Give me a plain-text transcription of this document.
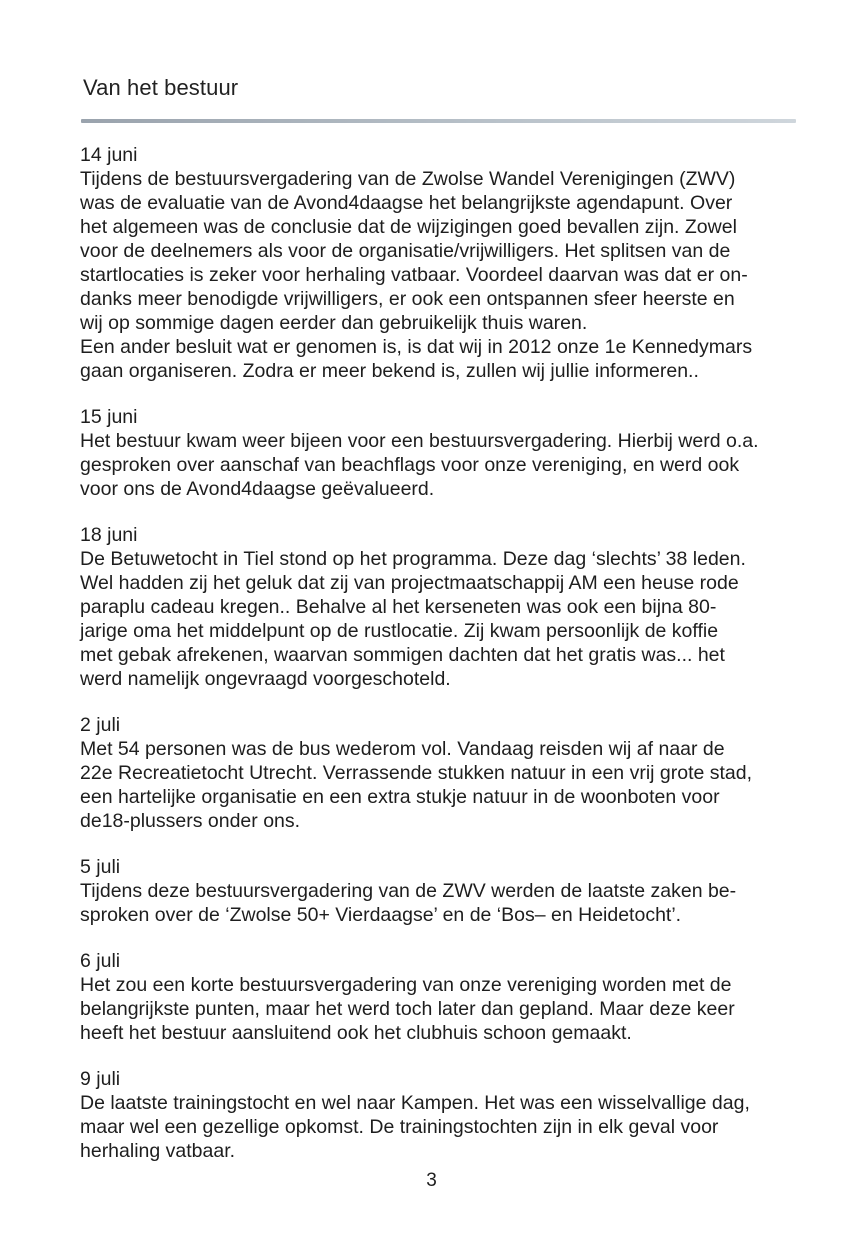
Van het bestuur

14 juni

Tijdens de bestuursvergadering van de Zwolse Wandel Verenigingen (ZWV)
was de evaluatie van de Avond4daagse het belangrijkste agendapunt. Over
het algemeen was de conclusie dat de wijzigingen goed bevallen zijn. Zowel
voor de deelnemers als voor de organisatie/vrijwilligers. Het splitsen van de
startlocaties is zeker voor herhaling vatbaar. Voordeel daarvan was dat er on-
danks meer benodigde vrijwilligers, er ook een ontspannen sfeer heerste en
wij op sommige dagen eerder dan gebruikelijk thuis waren.
Een ander besluit wat er genomen is, is dat wij in 2012 onze 1e Kennedymars
gaan organiseren. Zodra er meer bekend is, zullen wij jullie informeren..

15 juni

Het bestuur kwam weer bijeen voor een bestuursvergadering. Hierbij werd o.a.
gesproken over aanschaf van beachflags voor onze vereniging, en werd ook
voor ons de Avond4daagse geëvalueerd.

18 juni

De Betuwetocht in Tiel stond op het programma. Deze dag ‘slechts’ 38 leden.
Wel hadden zij het geluk dat zij van projectmaatschappij AM een heuse rode
paraplu cadeau kregen.. Behalve al het kerseneten was ook een bijna 80-
jarige oma het middelpunt op de rustlocatie. Zij kwam persoonlijk de koffie
met gebak afrekenen, waarvan sommigen dachten dat het gratis was... het
werd namelijk ongevraagd voorgeschoteld.

2 juli

Met 54 personen was de bus wederom vol. Vandaag reisden wij af naar de
22e Recreatietocht Utrecht. Verrassende stukken natuur in een vrij grote stad,
een hartelijke organisatie en een extra stukje natuur in de woonboten voor
de18-plussers onder ons.

5 juli

Tijdens deze bestuursvergadering van de ZWV werden de laatste zaken be-
sproken over de ‘Zwolse 50+ Vierdaagse’ en de ‘Bos– en Heidetocht’.

6 juli

Het zou een korte bestuursvergadering van onze vereniging worden met de
belangrijkste punten, maar het werd toch later dan gepland. Maar deze keer
heeft het bestuur aansluitend ook het clubhuis schoon gemaakt.

9 juli

De laatste trainingstocht en wel naar Kampen. Het was een wisselvallige dag,
maar wel een gezellige opkomst. De trainingstochten zijn in elk geval voor
herhaling vatbaar.

3
